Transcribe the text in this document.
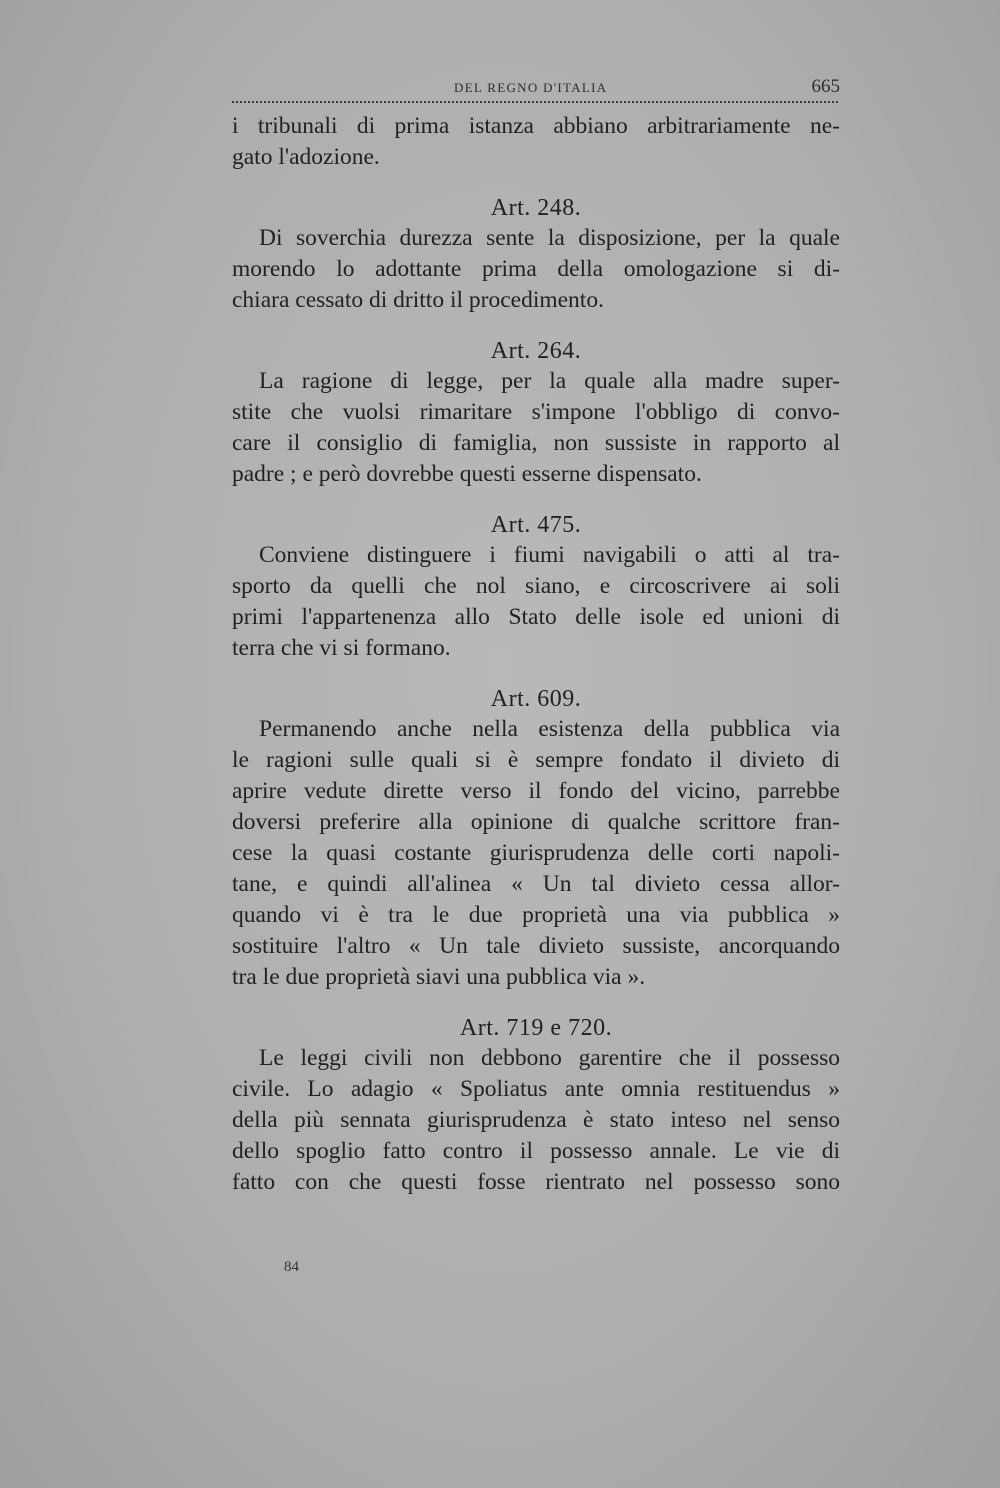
DEL REGNO D'ITALIA	665
i tribunali di prima istanza abbiano arbitrariamente ne-
gato l'adozione.
Art. 248.
Di soverchia durezza sente la disposizione, per la quale
morendo lo adottante prima della omologazione si di-
chiara cessato di dritto il procedimento.
Art. 264.
La ragione di legge, per la quale alla madre super-
stite che vuolsi rimaritare s'impone l'obbligo di convo-
care il consiglio di famiglia, non sussiste in rapporto al
padre ; e però dovrebbe questi esserne dispensato.
Art. 475.
Conviene distinguere i fiumi navigabili o atti al tra-
sporto da quelli che nol siano, e circoscrivere ai soli
primi l'appartenenza allo Stato delle isole ed unioni di
terra che vi si formano.
Art. 609.
Permanendo anche nella esistenza della pubblica via
le ragioni sulle quali si è sempre fondato il divieto di
aprire vedute dirette verso il fondo del vicino, parrebbe
doversi preferire alla opinione di qualche scrittore fran-
cese la quasi costante giurisprudenza delle corti napoli-
tane, e quindi all'alinea « Un tal divieto cessa allor-
quando vi è tra le due proprietà una via pubblica »
sostituire l'altro « Un tale divieto sussiste, ancorquando
tra le due proprietà siavi una pubblica via ».
Art. 719 e 720.
Le leggi civili non debbono garentire che il possesso
civile. Lo adagio « Spoliatus ante omnia restituendus »
della più sennata giurisprudenza è stato inteso nel senso
dello spoglio fatto contro il possesso annale. Le vie di
fatto con che questi fosse rientrato nel possesso sono
84
